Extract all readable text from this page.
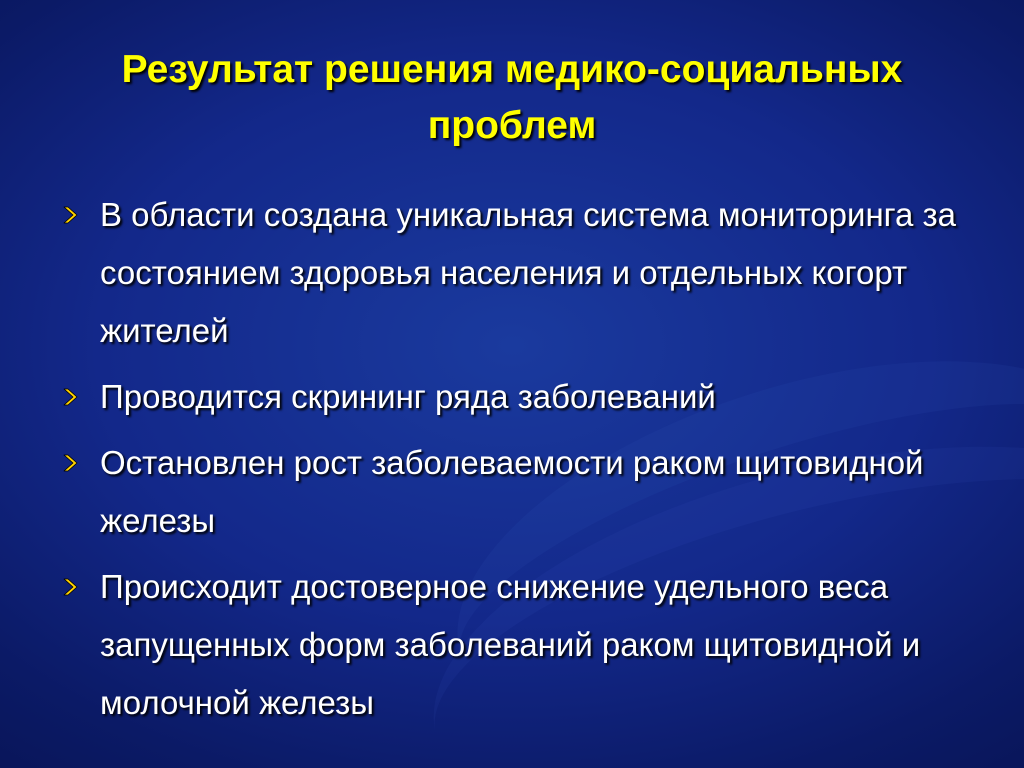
Результат решения медико-социальных проблем
В области создана уникальная система мониторинга за состоянием здоровья населения и отдельных когорт жителей
Проводится скрининг ряда заболеваний
Остановлен рост заболеваемости раком щитовидной железы
Происходит достоверное снижение удельного веса запущенных форм заболеваний раком щитовидной и молочной железы
